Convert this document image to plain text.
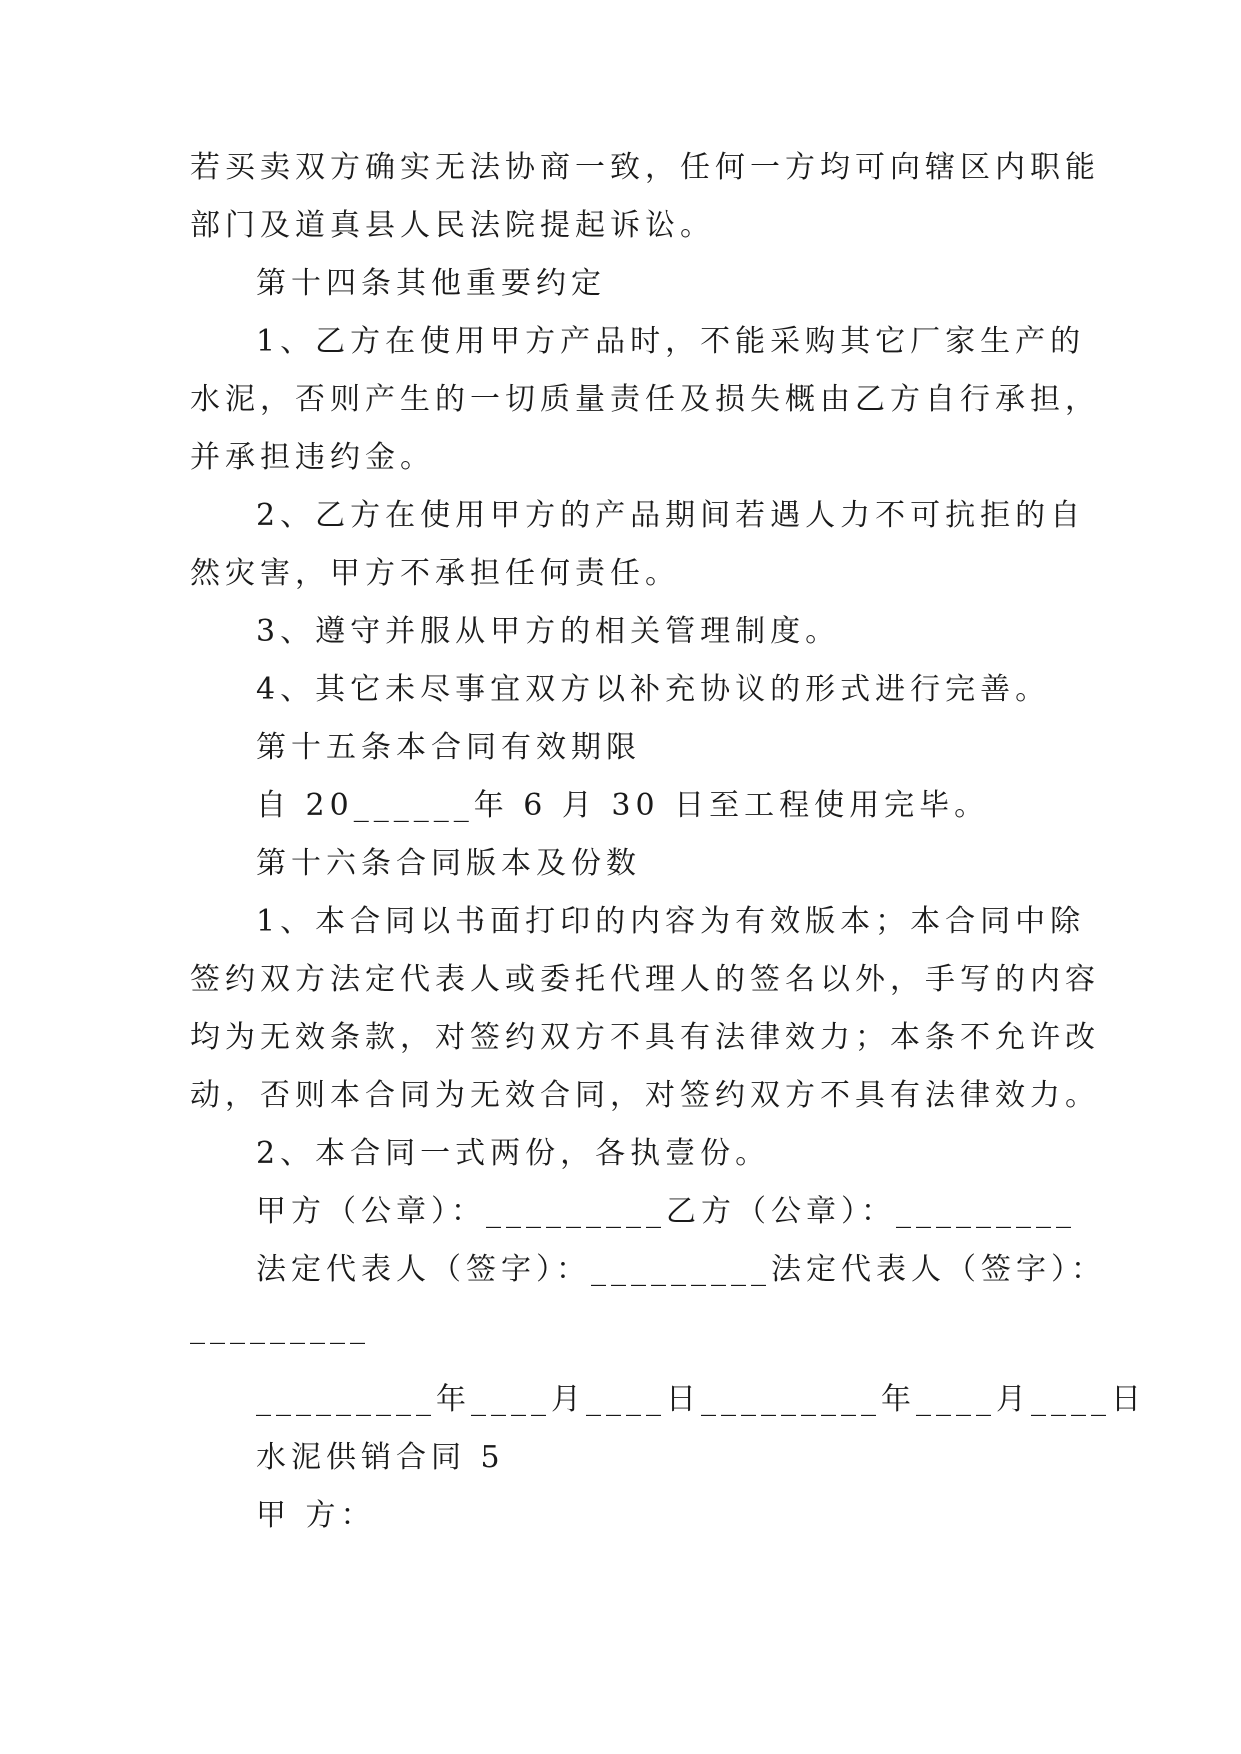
若买卖双方确实无法协商一致，任何一方均可向辖区内职能
部门及道真县人民法院提起诉讼。
第十四条其他重要约定
1、乙方在使用甲方产品时，不能采购其它厂家生产的
水泥，否则产生的一切质量责任及损失概由乙方自行承担，
并承担违约金。
2、乙方在使用甲方的产品期间若遇人力不可抗拒的自
然灾害，甲方不承担任何责任。
3、遵守并服从甲方的相关管理制度。
4、其它未尽事宜双方以补充协议的形式进行完善。
第十五条本合同有效期限
自 20______年 6 月 30 日至工程使用完毕。
第十六条合同版本及份数
1、本合同以书面打印的内容为有效版本；本合同中除
签约双方法定代表人或委托代理人的签名以外，手写的内容
均为无效条款，对签约双方不具有法律效力；本条不允许改
动，否则本合同为无效合同，对签约双方不具有法律效力。
2、本合同一式两份，各执壹份。
甲方（公章）：_________乙方（公章）：_________
法定代表人（签字）：_________法定代表人（签字）：
_________
_________年____月____日_________年____月____日
水泥供销合同 5
甲 方：
